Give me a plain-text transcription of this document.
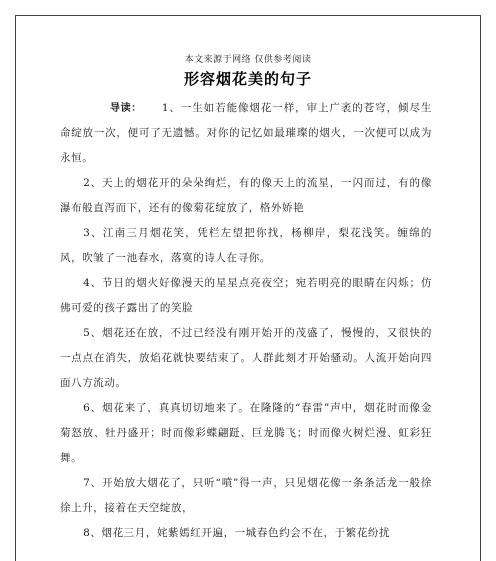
本文来源于网络 仅供参考阅读
形容烟花美的句子

导读： 1、一生如若能像烟花一样，审上广袤的苍穹，倾尽生命绽放一次，便可了无遗憾。对你的记忆如最璀璨的烟火，一次便可以成为永恒。

2、天上的烟花开的朵朵绚烂，有的像天上的流星，一闪而过，有的像瀑布般直泻而下，还有的像菊花绽放了，格外娇艳

3、江南三月烟花笑，凭栏左望把你找，杨柳岸，梨花浅笑。缠绵的风，吹皱了一池春水，落寞的诗人在寻你。

4、节日的烟火好像漫天的星星点亮夜空；宛若明亮的眼睛在闪烁；仿佛可爱的孩子露出了的笑脸

5、烟花还在放，不过已经没有刚开始开的茂盛了，慢慢的，又很快的一点点在消失，放焰花就快要结束了。人群此刻才开始骚动。人流开始向四面八方流动。

6、烟花来了，真真切切地来了。在隆隆的“春雷”声中，烟花时而像金菊怒放、牡丹盛开；时而像彩蝶翩跹、巨龙腾飞；时而像火树烂漫、虹彩狂舞。

7、开始放大烟花了，只听“噴”得一声，只见烟花像一条条活龙一般徐徐上升，接着在天空绽放，

8、烟花三月，姹紫嫣红开遍，一城春色约会不在，于繁花纷扰
